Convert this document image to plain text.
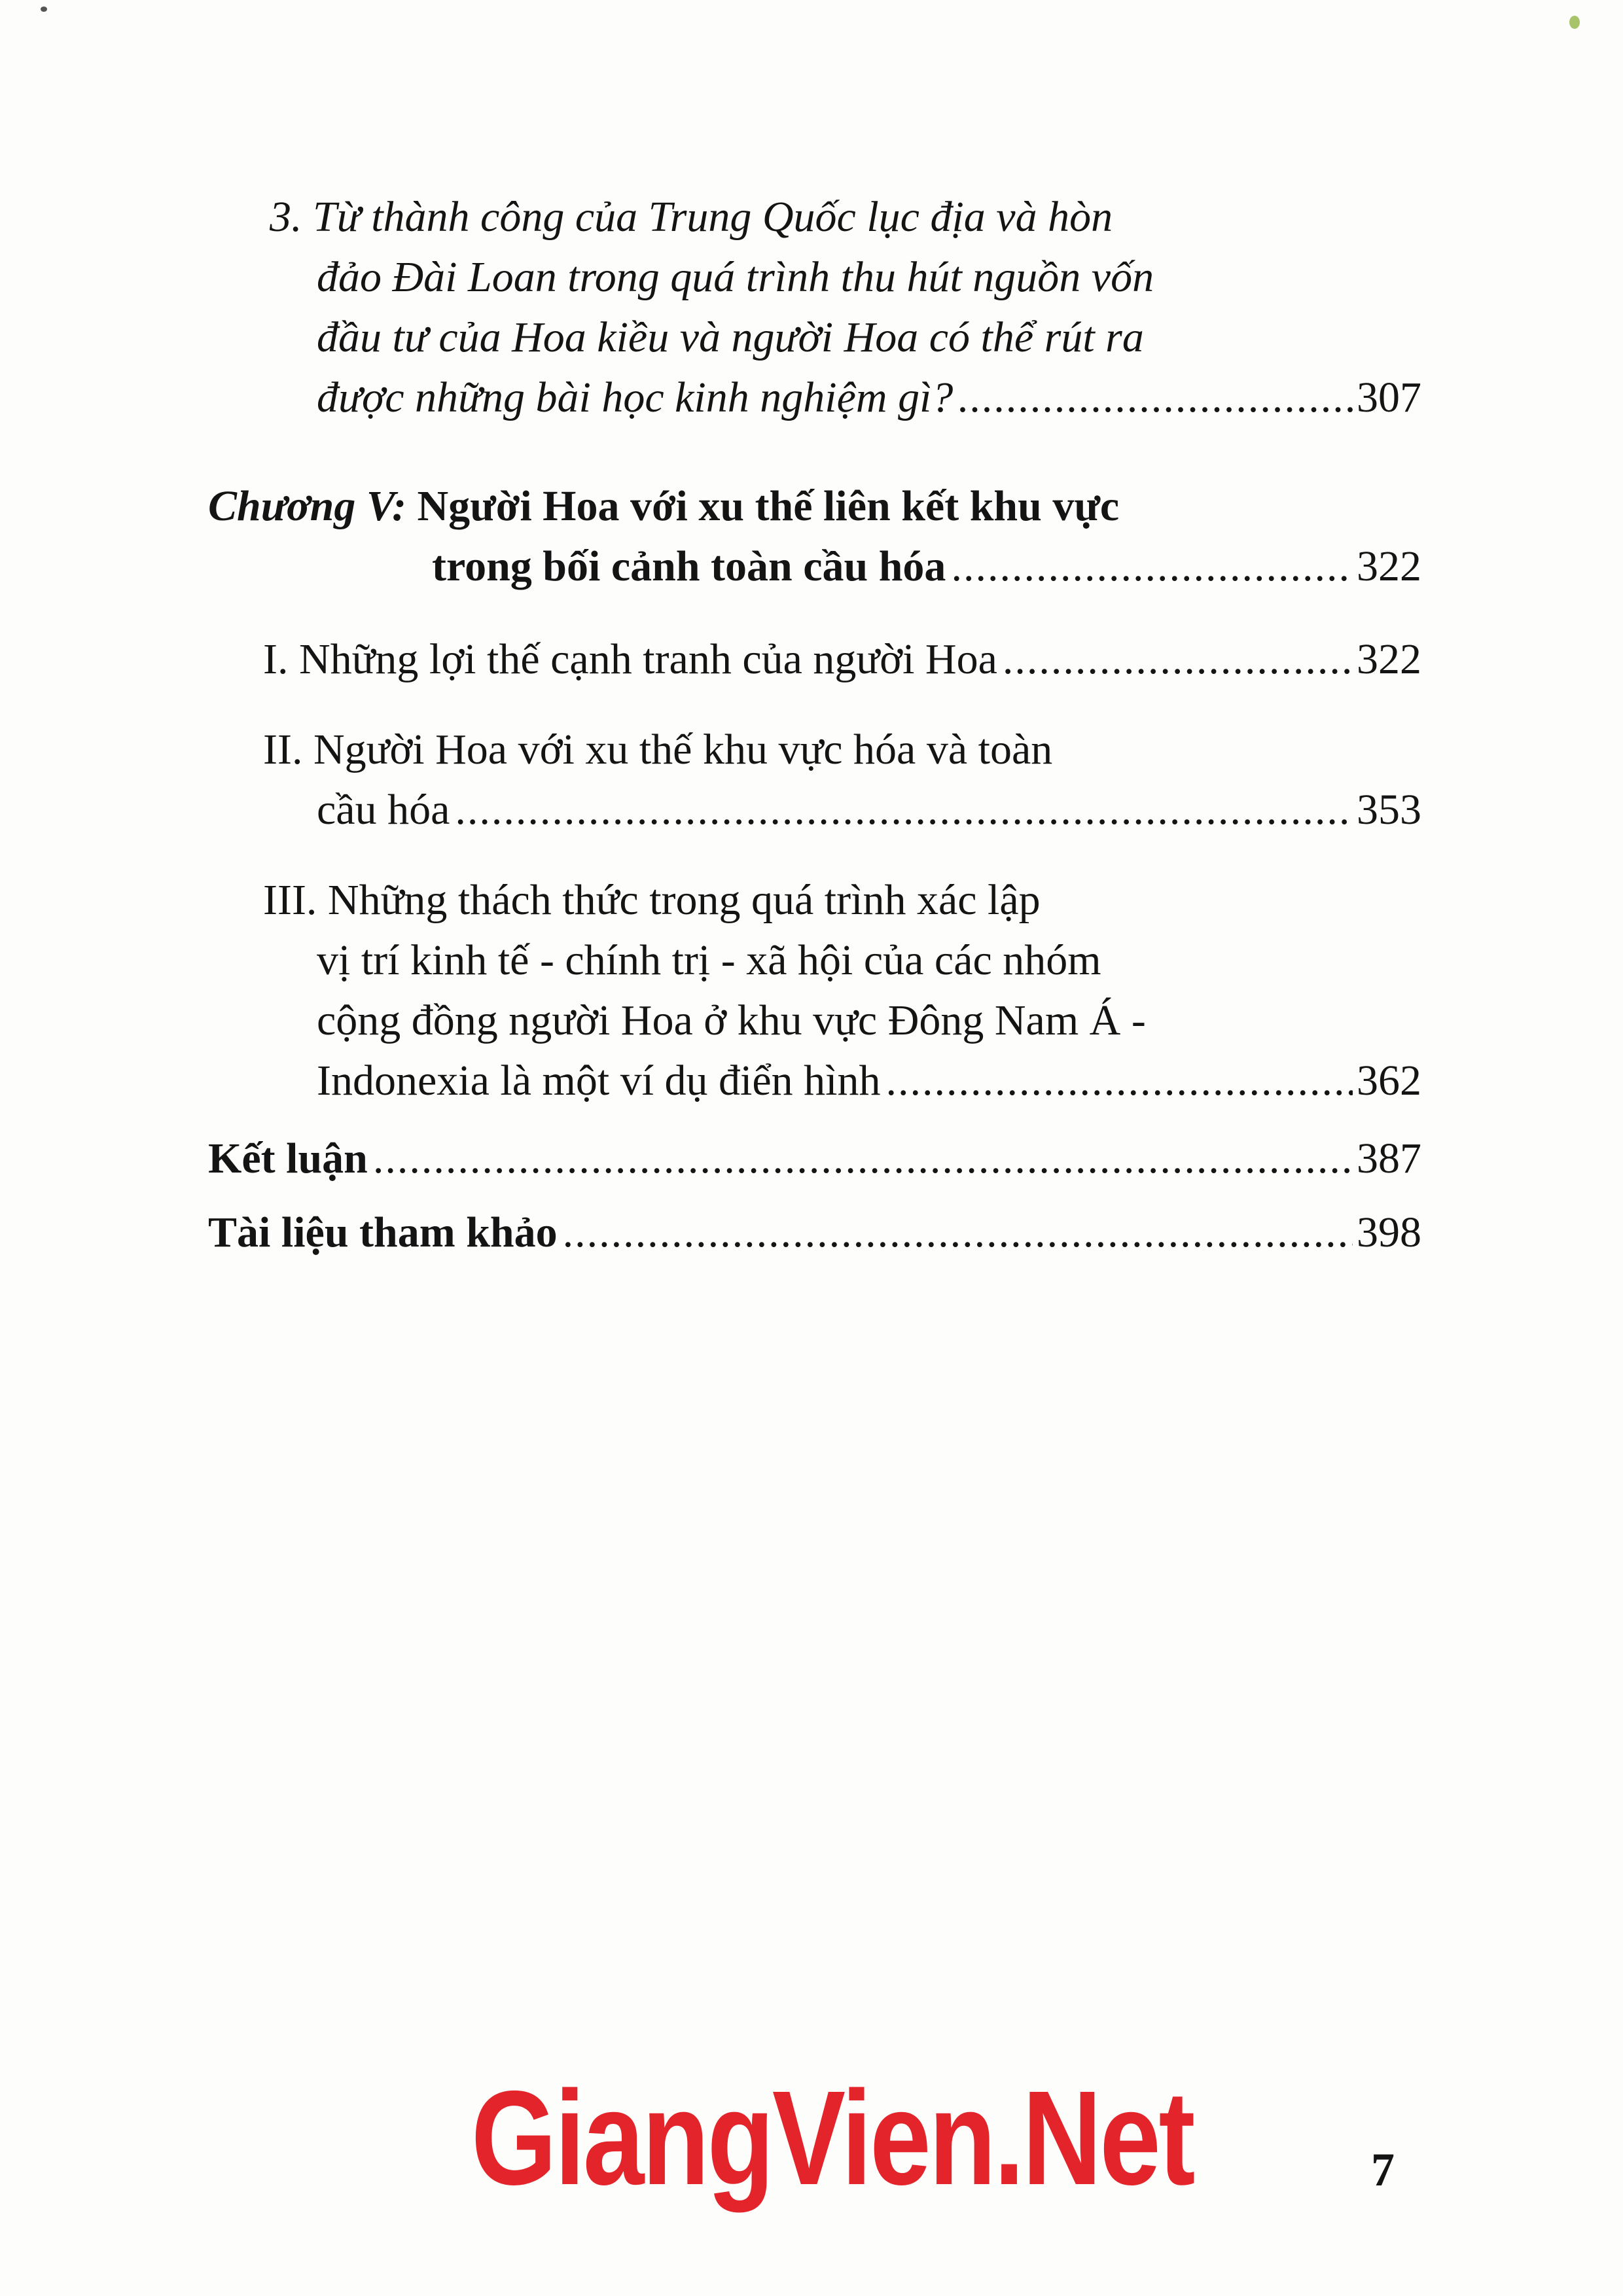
3. Từ thành công của Trung Quốc lục địa và hòn
đảo Đài Loan trong quá trình thu hút nguồn vốn
đầu tư của Hoa kiều và người Hoa có thể rút ra
được những bài học kinh nghiệm gì? .....	307
Chương V: Người Hoa với xu thế liên kết khu vực
trong bối cảnh toàn cầu hóa .....	322
I. Những lợi thế cạnh tranh của người Hoa .....	322
II. Người Hoa với xu thế khu vực hóa và toàn
cầu hóa .....	353
III. Những thách thức trong quá trình xác lập
vị trí kinh tế - chính trị - xã hội của các nhóm
cộng đồng người Hoa ở khu vực Đông Nam Á -
Indonexia là một ví dụ điển hình .....	362
Kết luận .....	387
Tài liệu tham khảo .....	398
GiangVien.Net	7
